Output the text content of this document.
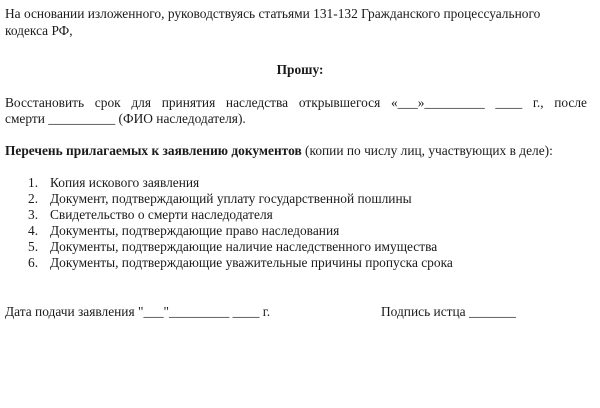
На основании изложенного, руководствуясь статьями 131-132 Гражданского процессуального
кодекса РФ,
Прошу:
Восстановить срок для принятия наследства открывшегося «___»_________ ____ г., после
смерти __________ (ФИО наследодателя).
Перечень прилагаемых к заявлению документов (копии по числу лиц, участвующих в деле):
1. Копия искового заявления
2. Документ, подтверждающий уплату государственной пошлины
3. Свидетельство о смерти наследодателя
4. Документы, подтверждающие право наследования
5. Документы, подтверждающие наличие наследственного имущества
6. Документы, подтверждающие уважительные причины пропуска срока
Дата подачи заявления "___"_________ ____ г.	Подпись истца _______
